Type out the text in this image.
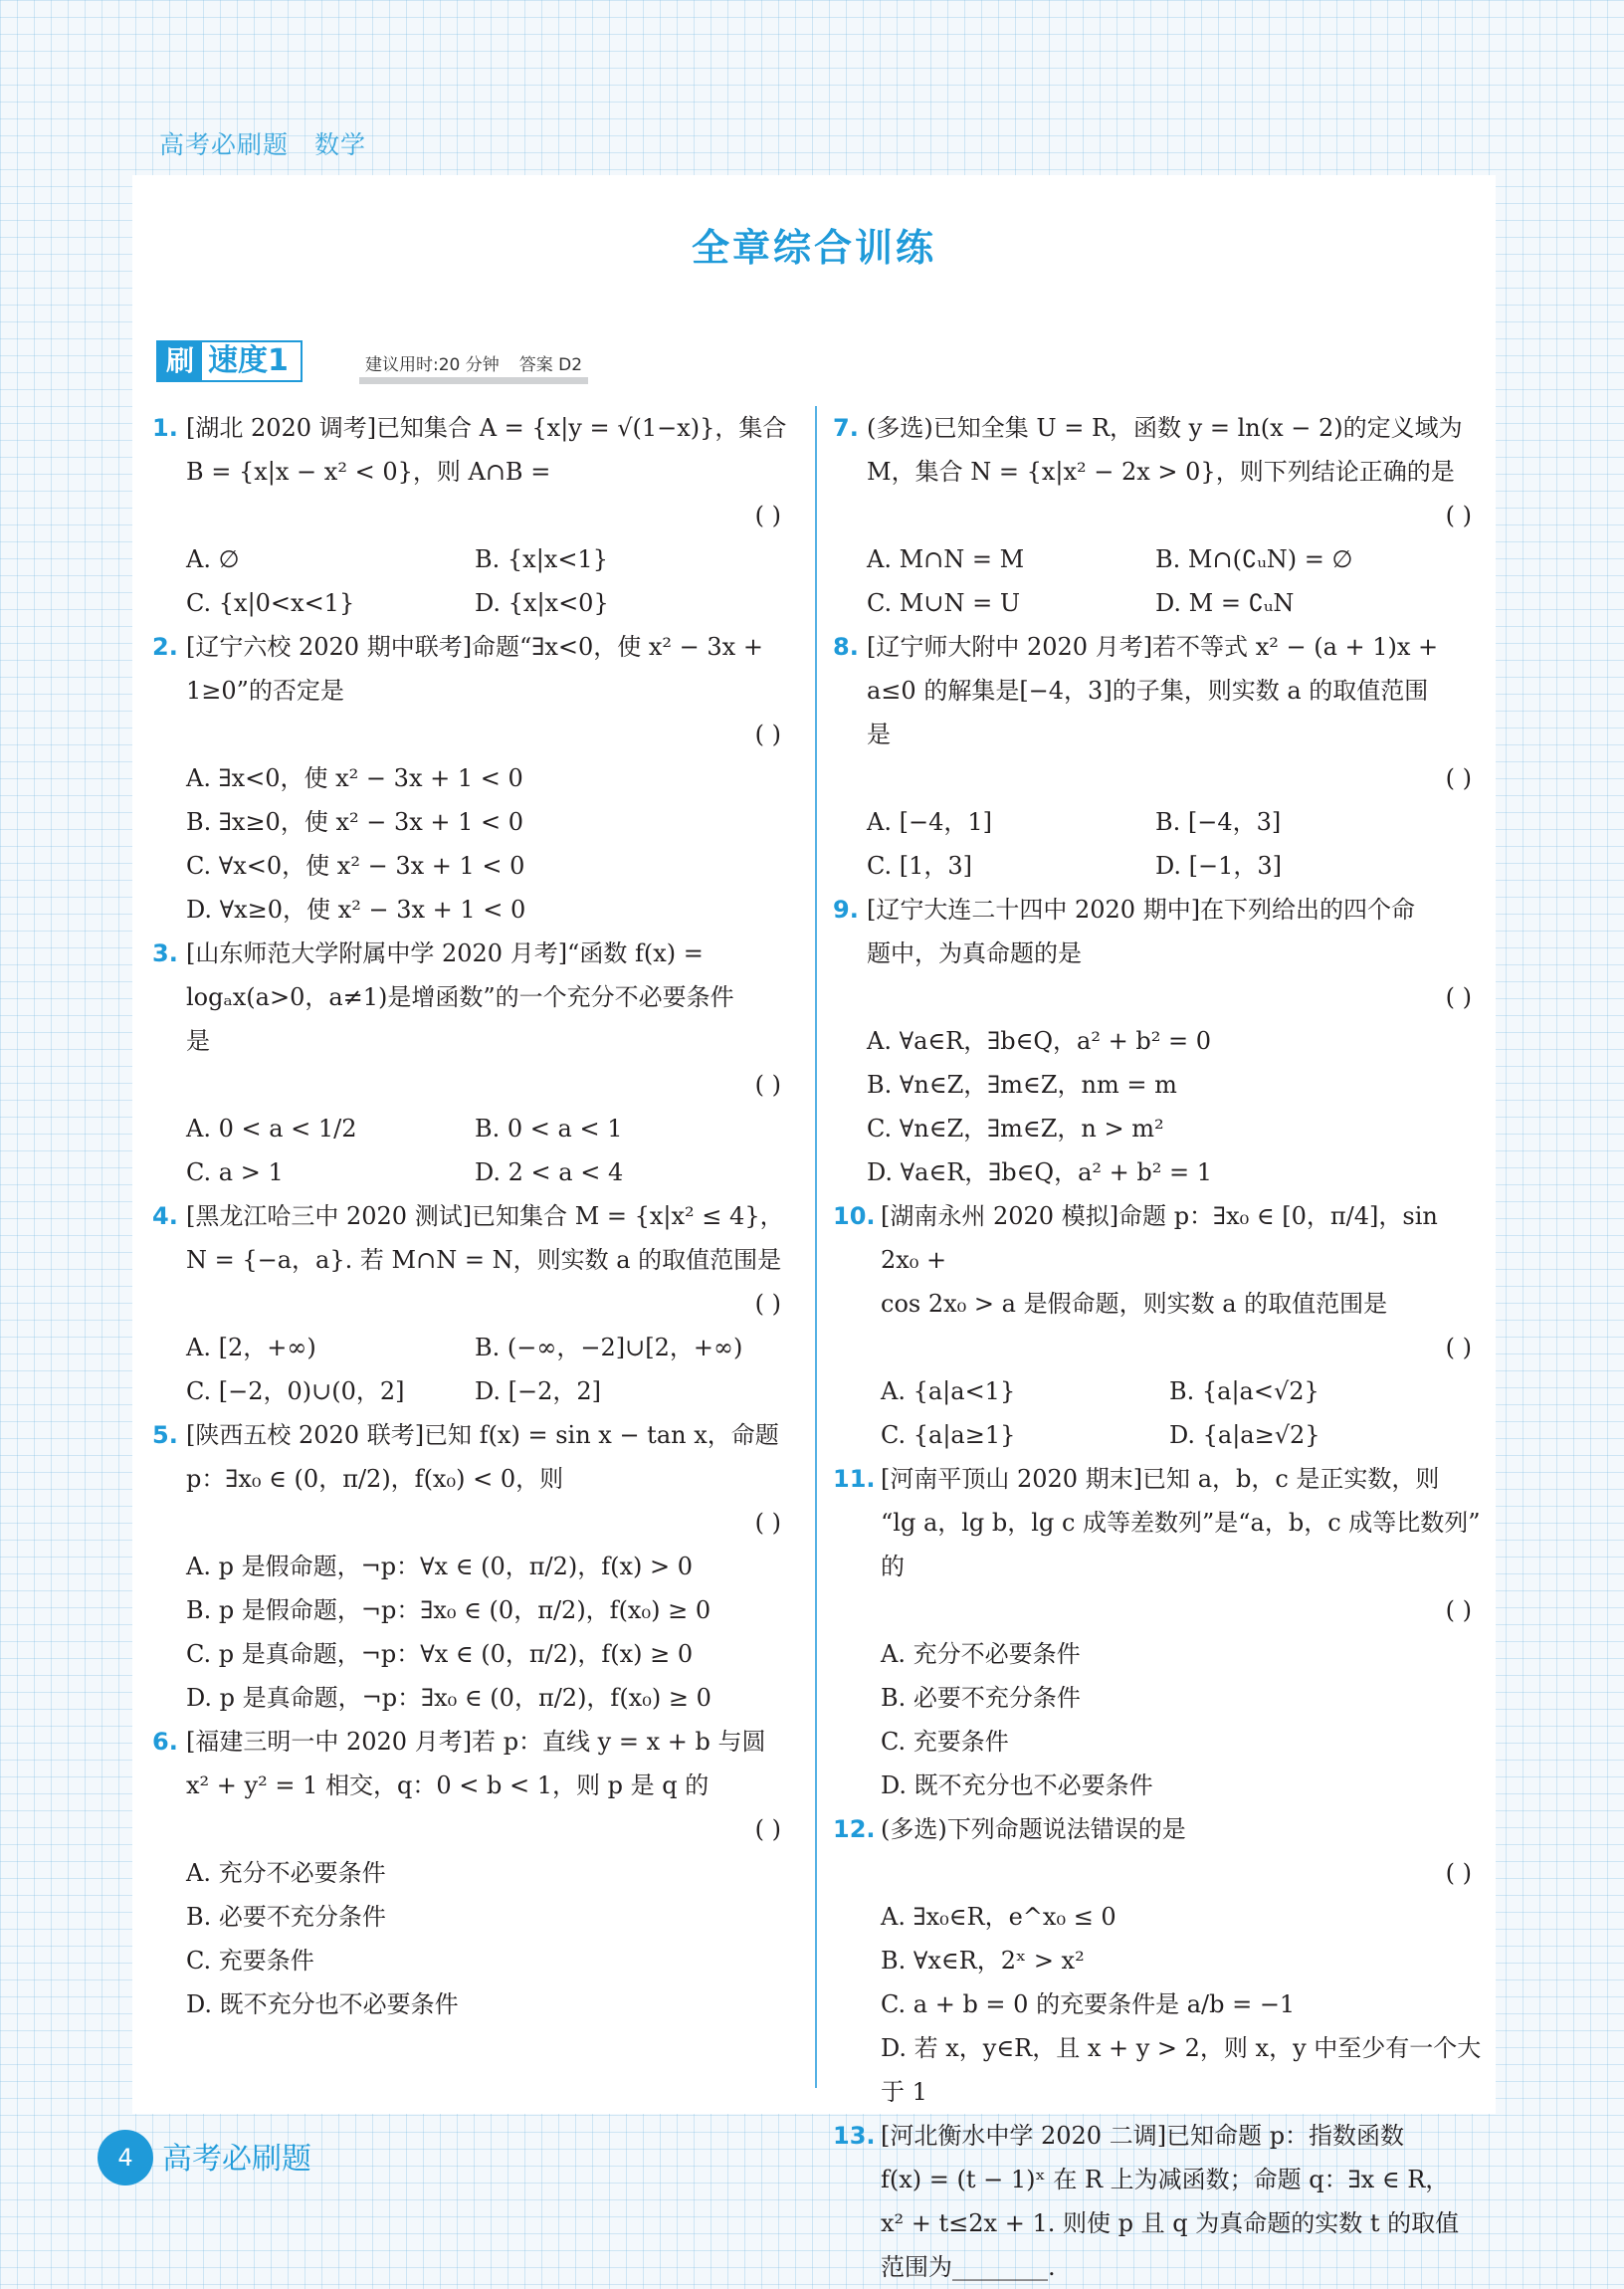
高考必刷题 数学
全章综合训练
刷 速度1	建议用时:20 分钟 答案 D2
1. [湖北 2020 调考]已知集合 A = {x|y = √(1−x)}，集合
B = {x|x − x² < 0}，则 A∩B =
( )
A. ∅	B. {x|x<1}
C. {x|0<x<1}	D. {x|x<0}
2. [辽宁六校 2020 期中联考]命题“∃x<0，使 x² − 3x +
1≥0”的否定是
( )
A. ∃x<0，使 x² − 3x + 1 < 0
B. ∃x≥0，使 x² − 3x + 1 < 0
C. ∀x<0，使 x² − 3x + 1 < 0
D. ∀x≥0，使 x² − 3x + 1 < 0
3. [山东师范大学附属中学 2020 月考]“函数 f(x) =
logₐx(a>0，a≠1)是增函数”的一个充分不必要条件
是
( )
A. 0 < a < 1/2	B. 0 < a < 1
C. a > 1	D. 2 < a < 4
4. [黑龙江哈三中 2020 测试]已知集合 M = {x|x² ≤ 4}，
N = {−a，a}. 若 M∩N = N，则实数 a 的取值范围是
( )
A. [2，+∞)	B. (−∞，−2]∪[2，+∞)
C. [−2，0)∪(0，2]	D. [−2，2]
5. [陕西五校 2020 联考]已知 f(x) = sin x − tan x，命题
p：∃x₀ ∈ (0，π/2)，f(x₀) < 0，则
( )
A. p 是假命题，¬p：∀x ∈ (0，π/2)，f(x) > 0
B. p 是假命题，¬p：∃x₀ ∈ (0，π/2)，f(x₀) ≥ 0
C. p 是真命题，¬p：∀x ∈ (0，π/2)，f(x) ≥ 0
D. p 是真命题，¬p：∃x₀ ∈ (0，π/2)，f(x₀) ≥ 0
6. [福建三明一中 2020 月考]若 p：直线 y = x + b 与圆
x² + y² = 1 相交，q：0 < b < 1，则 p 是 q 的
( )
A. 充分不必要条件
B. 必要不充分条件
C. 充要条件
D. 既不充分也不必要条件
7. (多选)已知全集 U = R，函数 y = ln(x − 2)的定义域为
M，集合 N = {x|x² − 2x > 0}，则下列结论正确的是
( )
A. M∩N = M	B. M∩(∁ᵤN) = ∅
C. M∪N = U	D. M = ∁ᵤN
8. [辽宁师大附中 2020 月考]若不等式 x² − (a + 1)x +
a≤0 的解集是[−4，3]的子集，则实数 a 的取值范围
是
( )
A. [−4，1]	B. [−4，3]
C. [1，3]	D. [−1，3]
9. [辽宁大连二十四中 2020 期中]在下列给出的四个命
题中，为真命题的是
( )
A. ∀a∈R，∃b∈Q，a² + b² = 0
B. ∀n∈Z，∃m∈Z，nm = m
C. ∀n∈Z，∃m∈Z，n > m²
D. ∀a∈R，∃b∈Q，a² + b² = 1
10. [湖南永州 2020 模拟]命题 p：∃x₀ ∈ [0，π/4]，sin 2x₀ +
cos 2x₀ > a 是假命题，则实数 a 的取值范围是
( )
A. {a|a<1}	B. {a|a<√2}
C. {a|a≥1}	D. {a|a≥√2}
11. [河南平顶山 2020 期末]已知 a，b，c 是正实数，则
“lg a，lg b，lg c 成等差数列”是“a，b，c 成等比数列”
的
( )
A. 充分不必要条件
B. 必要不充分条件
C. 充要条件
D. 既不充分也不必要条件
12. (多选)下列命题说法错误的是
( )
A. ∃x₀∈R，e^x₀ ≤ 0
B. ∀x∈R，2ˣ > x²
C. a + b = 0 的充要条件是 a/b = −1
D. 若 x，y∈R，且 x + y > 2，则 x，y 中至少有一个大
于 1
13. [河北衡水中学 2020 二调]已知命题 p：指数函数
f(x) = (t − 1)ˣ 在 R 上为减函数；命题 q：∃x ∈ R，
x² + t≤2x + 1. 则使 p 且 q 为真命题的实数 t 的取值
范围为________.
4 高考必刷题
